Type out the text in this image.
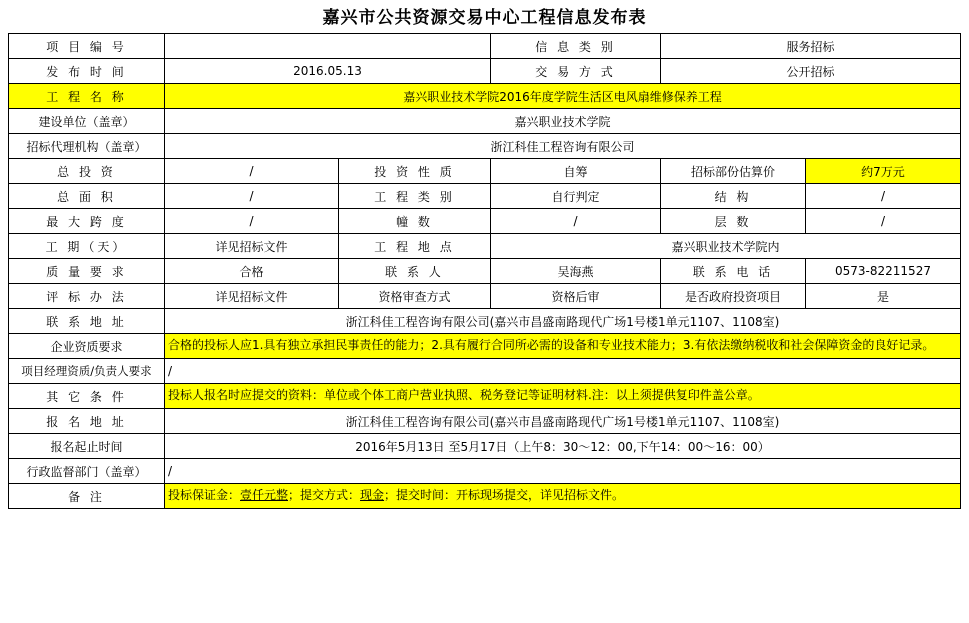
嘉兴市公共资源交易中心工程信息发布表
项 目 编 号			信 息 类 别	服务招标	
发 布 时 间	2016.05.13		交 易 方 式	公开招标	
工 程 名 称	嘉兴职业技术学院2016年度学院生活区电风扇维修保养工程				
建设单位（盖章）	嘉兴职业技术学院				
招标代理机构（盖章）	浙江科佳工程咨询有限公司				
总 投 资	/	投 资 性 质	自筹	招标部份估算价	约7万元
总 面 积	/	工 程 类 别	自行判定	结 构	/
最 大 跨 度	/	幢 数	/	层 数	/
工 期（天）	详见招标文件	工 程 地 点	嘉兴职业技术学院内		
质 量 要 求	合格	联 系 人	吴海燕	联 系 电 话	0573-82211527
评 标 办 法	详见招标文件	资格审查方式	资格后审	是否政府投资项目	是
联 系 地 址	浙江科佳工程咨询有限公司(嘉兴市昌盛南路现代广场1号楼1单元1107、1108室)				
企业资质要求	合格的投标人应1.具有独立承担民事责任的能力；2.具有履行合同所必需的设备和专业技术能力；3.有依法缴纳税收和社会保障资金的良好记录。				
项目经理资质/负责人要求	/				
其 它 条 件	投标人报名时应提交的资料：单位或个体工商户营业执照、税务登记等证明材料.注：以上须提供复印件盖公章。				
报 名 地 址	浙江科佳工程咨询有限公司(嘉兴市昌盛南路现代广场1号楼1单元1107、1108室)				
报名起止时间	2016年5月13日 至5月17日（上午8：30～12：00,下午14：00～16：00）				
行政监督部门（盖章）	/				
备 注	投标保证金：壹仟元整；提交方式：现金；提交时间：开标现场提交，详见招标文件。				
